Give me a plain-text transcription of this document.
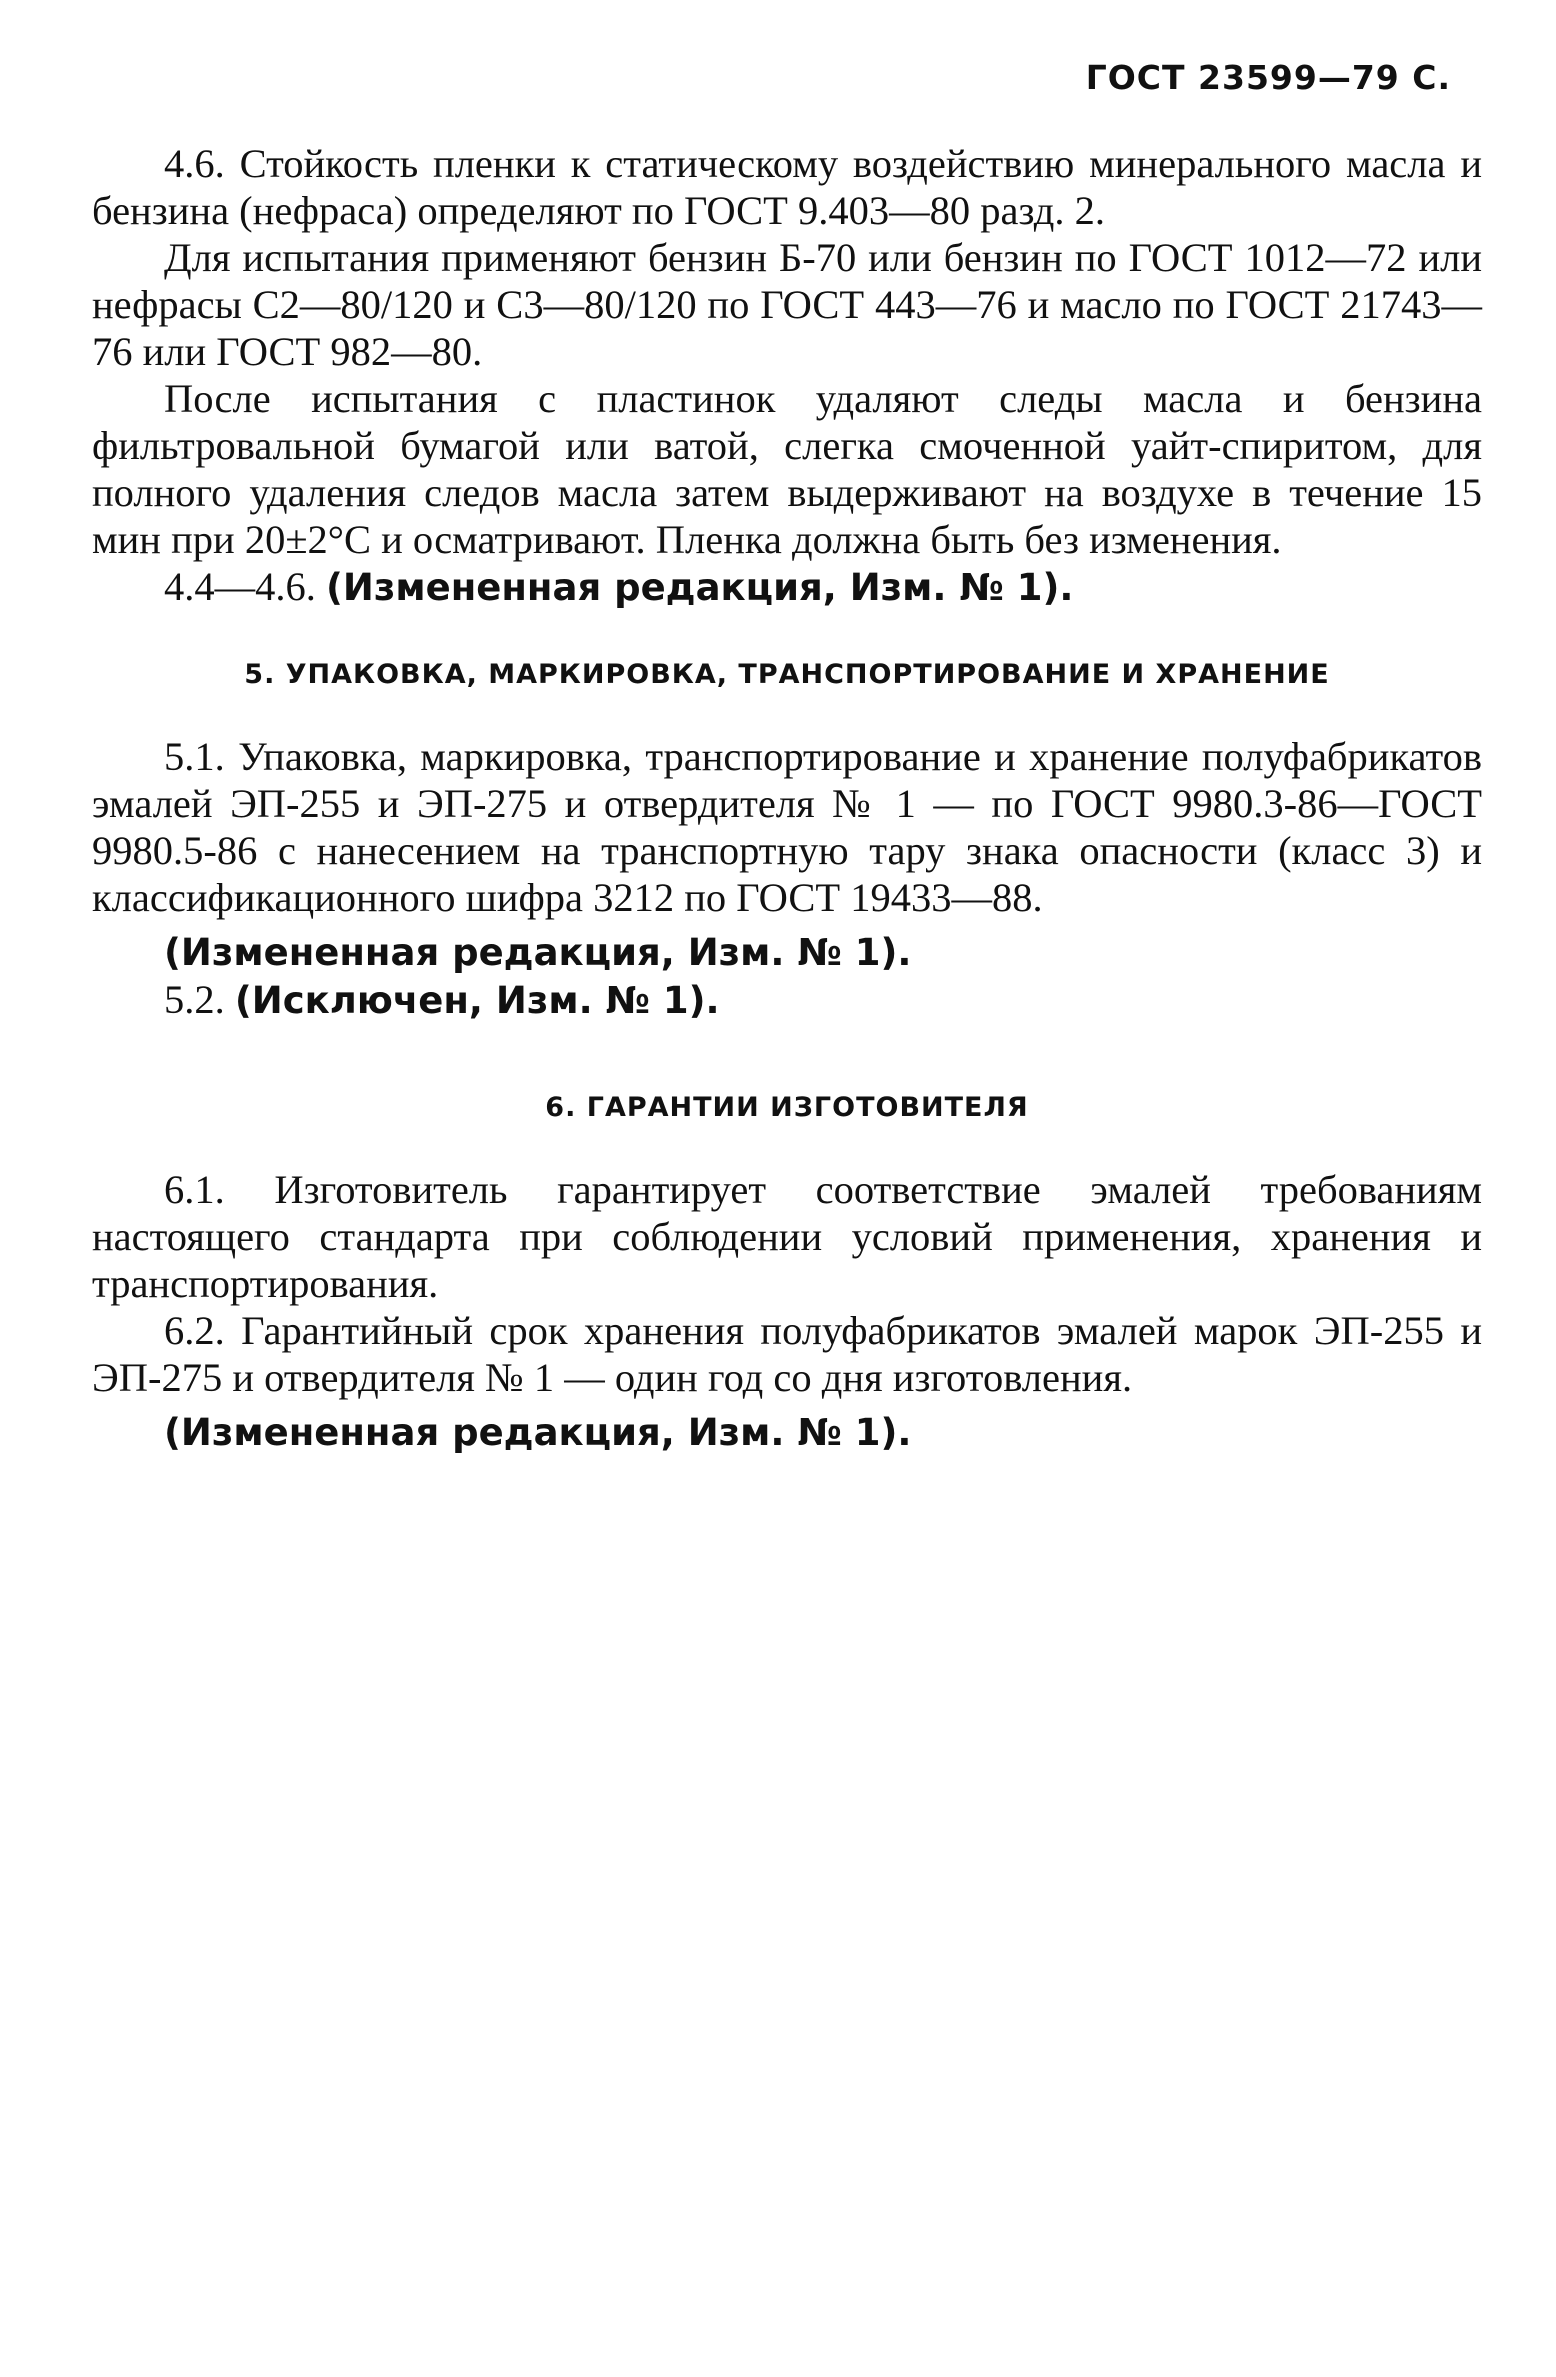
ГОСТ 23599—79 С.

4.6. Стойкость пленки к статическому воздействию минерального масла и бензина (нефраса) определяют по ГОСТ 9.403—80 разд. 2.

Для испытания применяют бензин Б-70 или бензин по ГОСТ 1012—72 или нефрасы С2—80/120 и С3—80/120 по ГОСТ 443—76 и масло по ГОСТ 21743—76 или ГОСТ 982—80.

После испытания с пластинок удаляют следы масла и бензина фильтровальной бумагой или ватой, слегка смоченной уайт-спиритом, для полного удаления следов масла затем выдерживают на воздухе в течение 15 мин при 20±2°С и осматривают. Пленка должна быть без изменения.

4.4—4.6. (Измененная редакция, Изм. № 1).

5. УПАКОВКА, МАРКИРОВКА, ТРАНСПОРТИРОВАНИЕ И ХРАНЕНИЕ

5.1. Упаковка, маркировка, транспортирование и хранение полуфабрикатов эмалей ЭП-255 и ЭП-275 и отвердителя № 1 — по ГОСТ 9980.3-86—ГОСТ 9980.5-86 с нанесением на транспортную тару знака опасности (класс 3) и классификационного шифра 3212 по ГОСТ 19433—88.

(Измененная редакция, Изм. № 1).

5.2. (Исключен, Изм. № 1).

6. ГАРАНТИИ ИЗГОТОВИТЕЛЯ

6.1. Изготовитель гарантирует соответствие эмалей требованиям настоящего стандарта при соблюдении условий применения, хранения и транспортирования.

6.2. Гарантийный срок хранения полуфабрикатов эмалей марок ЭП-255 и ЭП-275 и отвердителя № 1 — один год со дня изготовления.

(Измененная редакция, Изм. № 1).
